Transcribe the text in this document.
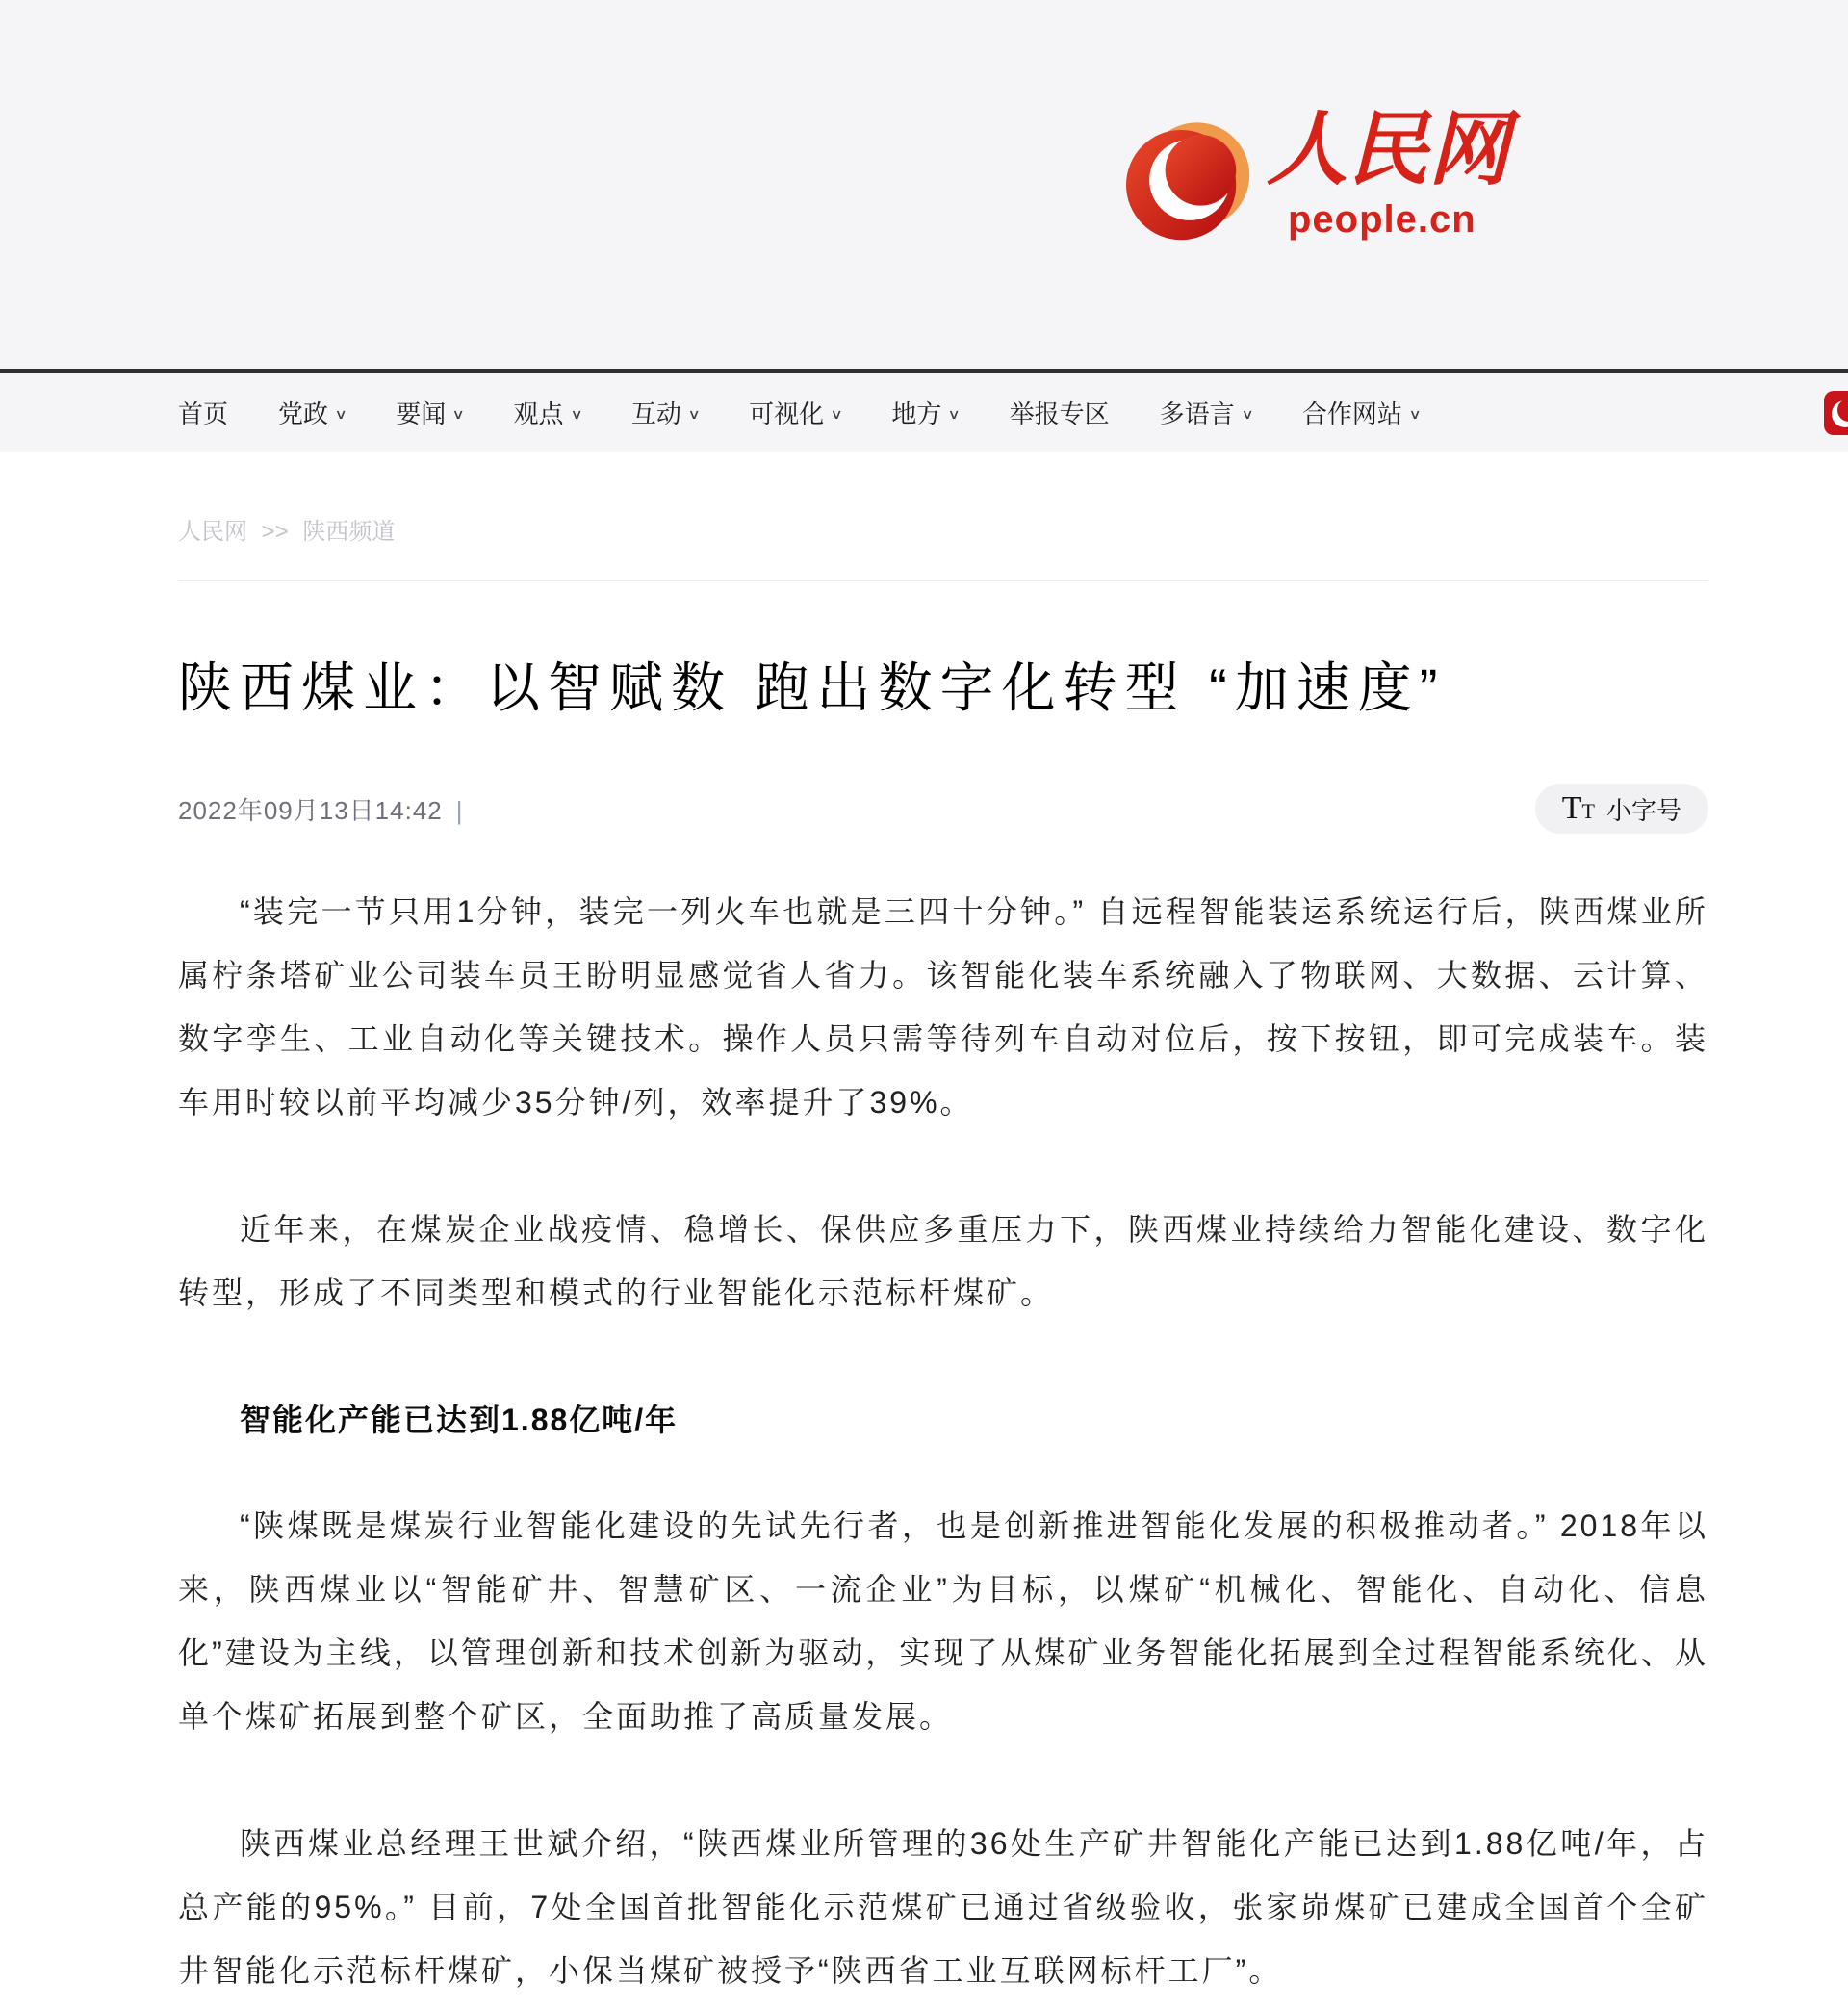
人民网
people.cn
首页 党政 ∨ 要闻 ∨ 观点 ∨ 互动 ∨ 可视化 ∨ 地方 ∨ 举报专区 多语言 ∨ 合作网站 ∨
人民网 >> 陕西频道
陕西煤业：以智赋数 跑出数字化转型 “加速度”
2022年09月13日14:42 |	TT 小字号

“装完一节只用1分钟，装完一列火车也就是三四十分钟。” 自远程智能装运系统运行后，陕西煤业所属柠条塔矿业公司装车员王盼明显感觉省人省力。该智能化装车系统融入了物联网、大数据、云计算、数字孪生、工业自动化等关键技术。操作人员只需等待列车自动对位后，按下按钮，即可完成装车。装车用时较以前平均减少35分钟/列，效率提升了39%。

近年来，在煤炭企业战疫情、稳增长、保供应多重压力下，陕西煤业持续给力智能化建设、数字化转型，形成了不同类型和模式的行业智能化示范标杆煤矿。

智能化产能已达到1.88亿吨/年

“陕煤既是煤炭行业智能化建设的先试先行者，也是创新推进智能化发展的积极推动者。” 2018年以来，陕西煤业以“智能矿井、智慧矿区、一流企业”为目标，以煤矿“机械化、智能化、自动化、信息化”建设为主线，以管理创新和技术创新为驱动，实现了从煤矿业务智能化拓展到全过程智能系统化、从单个煤矿拓展到整个矿区，全面助推了高质量发展。

陕西煤业总经理王世斌介绍，“陕西煤业所管理的36处生产矿井智能化产能已达到1.88亿吨/年，占总产能的95%。” 目前，7处全国首批智能化示范煤矿已通过省级验收，张家峁煤矿已建成全国首个全矿井智能化示范标杆煤矿，小保当煤矿被授予“陕西省工业互联网标杆工厂”。
